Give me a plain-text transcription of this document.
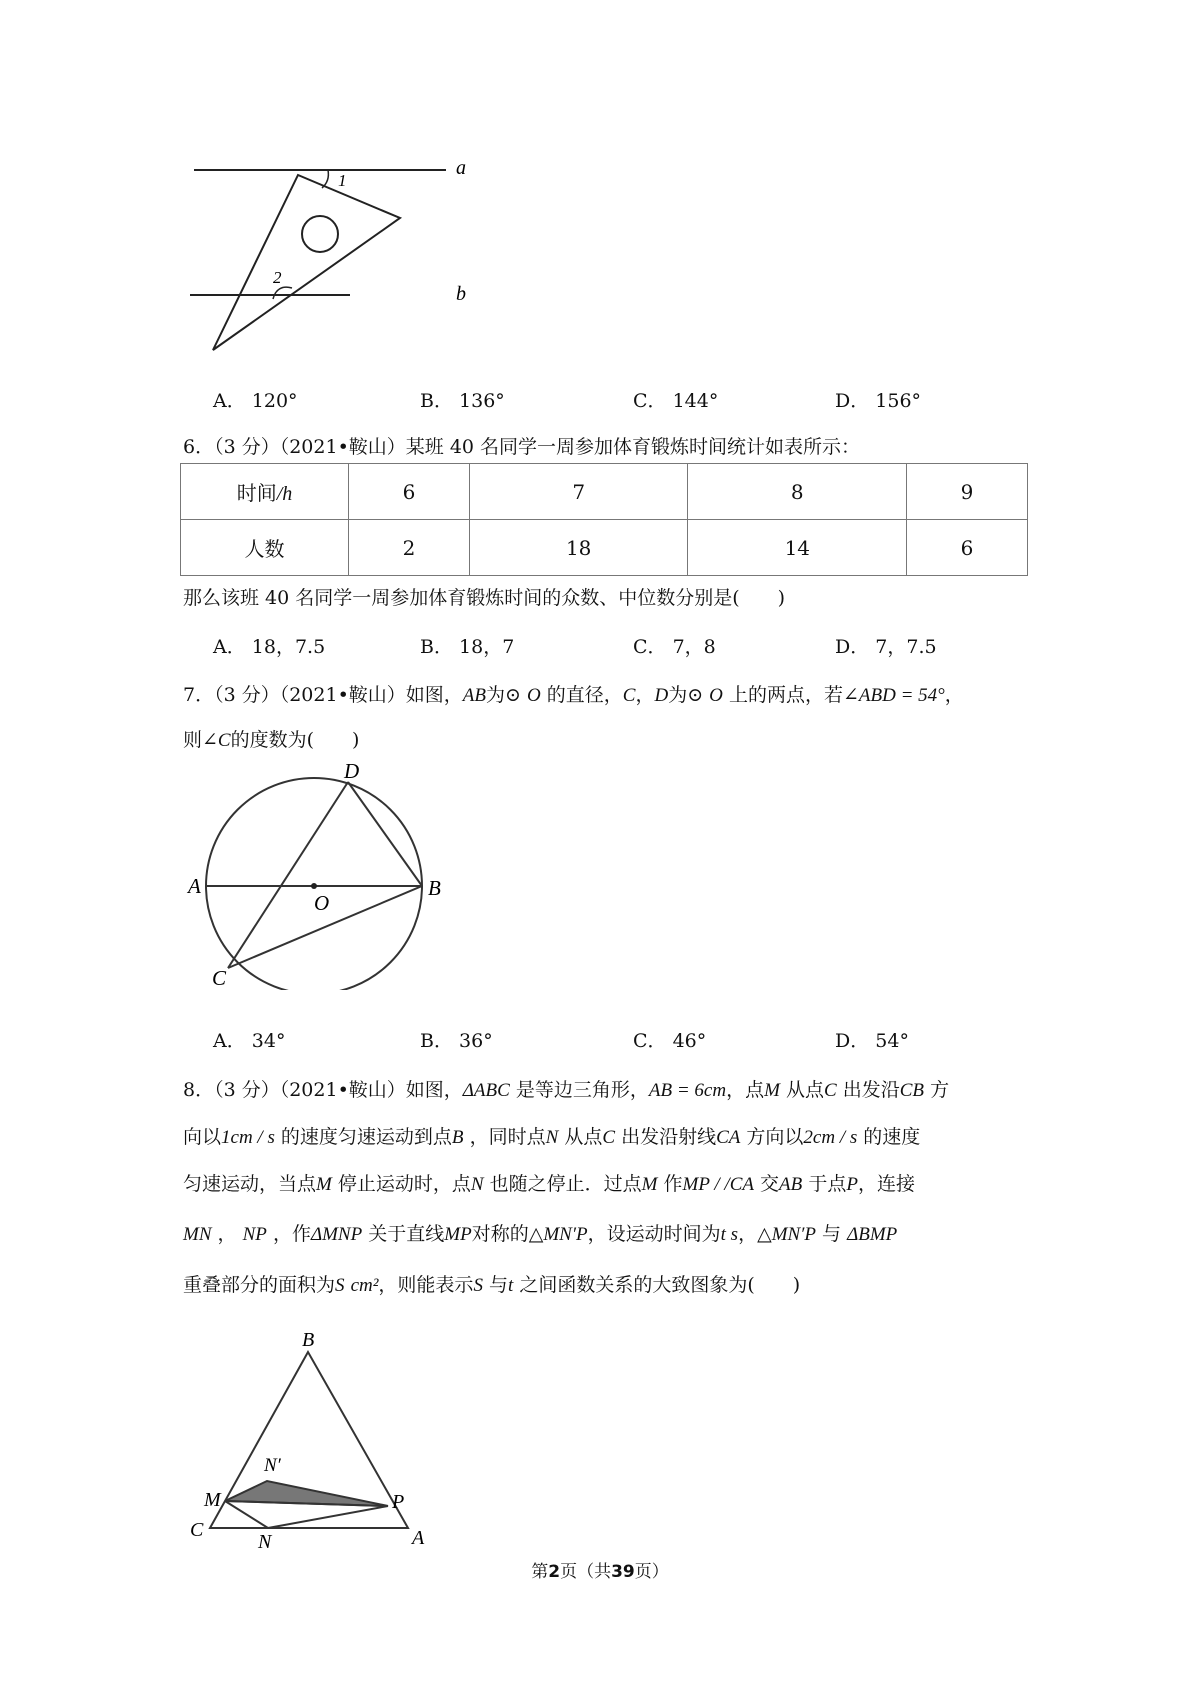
a
b
1
2
A． 120°	B． 136°	C． 144°	D． 156°
6．（3 分）（2021•鞍山）某班 40 名同学一周参加体育锻炼时间统计如表所示：
时间/h	6	7	8	9
人数	2	18	14	6
那么该班 40 名同学一周参加体育锻炼时间的众数、中位数分别是(　　)
A． 18，7.5	B． 18，7	C． 7，8	D． 7，7.5
7．（3 分）（2021•鞍山）如图，AB为⊙ O 的直径，C，D为⊙ O 上的两点，若∠ABD = 54°，
则∠C的度数为(　　)
A	B
C
D
O
A． 34°	B． 36°	C． 46°	D． 54°
8．（3 分）（2021•鞍山）如图，ΔABC 是等边三角形，AB = 6cm，点M 从点C 出发沿CB 方
向以1cm / s 的速度匀速运动到点B ，同时点N 从点C 出发沿射线CA 方向以2cm / s 的速度
匀速运动，当点M 停止运动时，点N 也随之停止．过点M 作MP / /CA 交AB 于点P，连接
MN ， NP ，作ΔMNP 关于直线MP对称的△MN′P，设运动时间为t s，△MN′P 与 ΔBMP
重叠部分的面积为S cm²，则能表示S 与t 之间函数关系的大致图象为(　　)
B
N′
M	P
C
N	A
第2页（共39页）
